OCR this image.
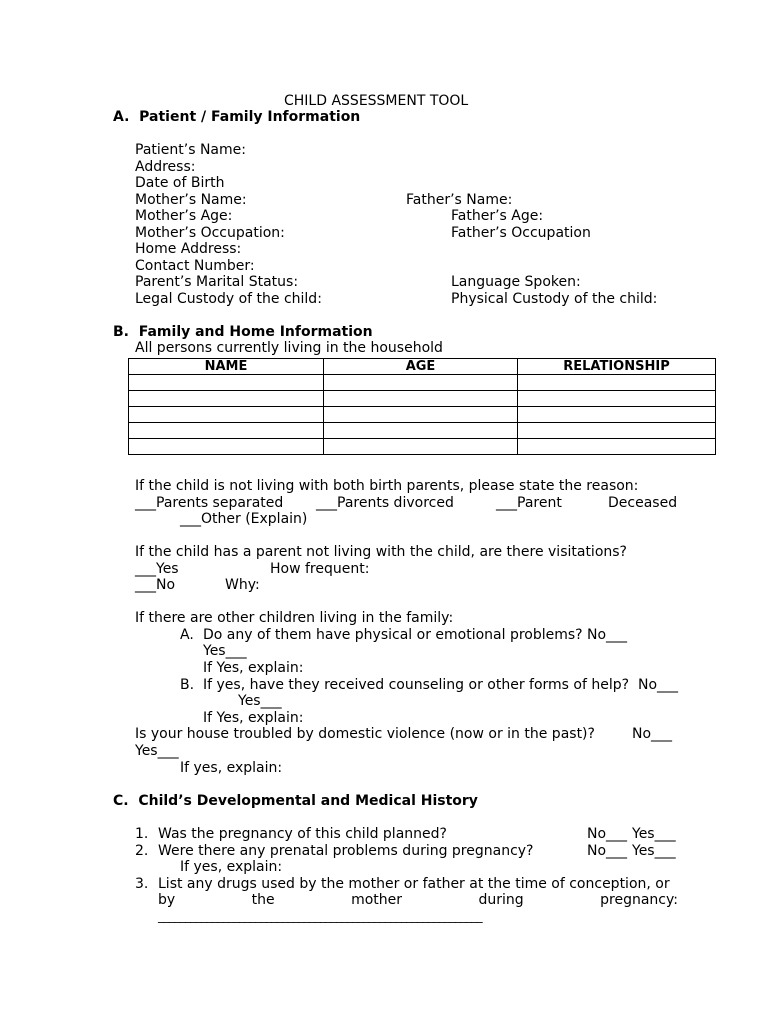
CHILD ASSESSMENT TOOL
A.  Patient / Family Information
Patient’s Name:
Address:
Date of Birth
Mother’s Name:	Father’s Name:
Mother’s Age:	Father’s Age:
Mother’s Occupation:	Father’s Occupation
Home Address:
Contact Number:
Parent’s Marital Status:	Language Spoken:
Legal Custody of the child:	Physical Custody of the child:
B.  Family and Home Information
All persons currently living in the household
NAME	AGE	RELATIONSHIP

If the child is not living with both birth parents, please state the reason:
___Parents separated ___Parents divorced	___Parent	Deceased
___Other (Explain)
If the child has a parent not living with the child, are there visitations?
___Yes	How frequent:
___No	Why:
If there are other children living in the family:
A. Do any of them have physical or emotional problems? No___
Yes___
If Yes, explain:
B. If yes, have they received counseling or other forms of help? No___
Yes___
If Yes, explain:
Is your house troubled by domestic violence (now or in the past)?	No___
Yes___
If yes, explain:
C.  Child’s Developmental and Medical History
1. Was the pregnancy of this child planned?	No___ Yes___
2. Were there any prenatal problems during pregnancy?	No___ Yes___
If yes, explain:
3. List any drugs used by the mother or father at the time of conception, or
by	the	mother	during	pregnancy:
____________________________________________________________
